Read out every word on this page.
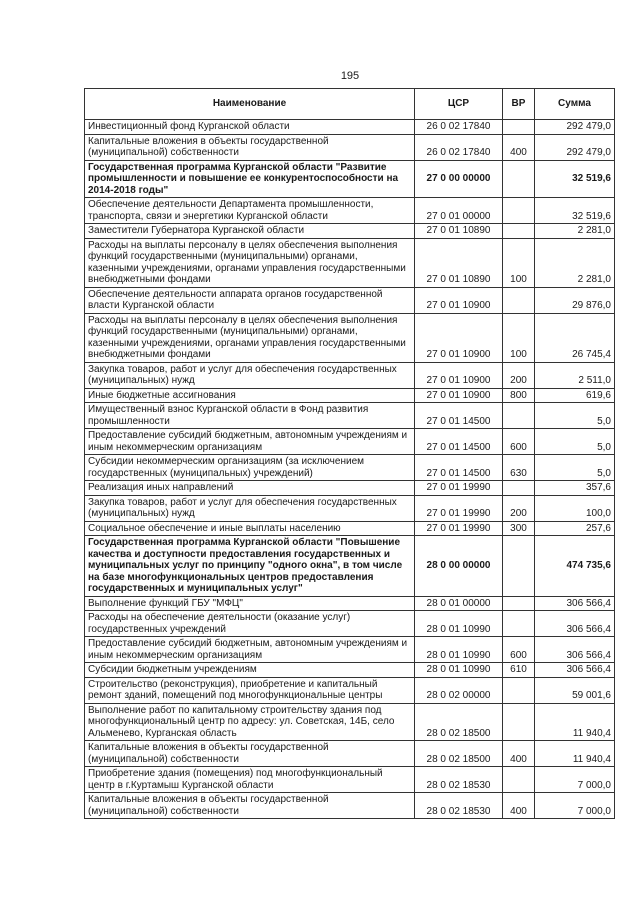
195
Наименование	ЦСР	ВР	Сумма
Инвестиционный фонд Курганской области	26 0 02 17840		292 479,0
Капитальные вложения в объекты государственной (муниципальной) собственности	26 0 02 17840	400	292 479,0
Государственная программа Курганской области "Развитие промышленности и повышение ее конкурентоспособности на 2014-2018 годы"	27 0 00 00000		32 519,6
Обеспечение деятельности Департамента промышленности, транспорта, связи и энергетики Курганской области	27 0 01 00000		32 519,6
Заместители Губернатора Курганской области	27 0 01 10890		2 281,0
Расходы на выплаты персоналу в целях обеспечения выполнения функций государственными (муниципальными) органами, казенными учреждениями, органами управления государственными внебюджетными фондами	27 0 01 10890	100	2 281,0
Обеспечение деятельности аппарата органов государственной власти Курганской области	27 0 01 10900		29 876,0
Расходы на выплаты персоналу в целях обеспечения выполнения функций государственными (муниципальными) органами, казенными учреждениями, органами управления государственными внебюджетными фондами	27 0 01 10900	100	26 745,4
Закупка товаров, работ и услуг для обеспечения государственных (муниципальных) нужд	27 0 01 10900	200	2 511,0
Иные бюджетные ассигнования	27 0 01 10900	800	619,6
Имущественный взнос Курганской области в Фонд развития промышленности	27 0 01 14500		5,0
Предоставление субсидий бюджетным, автономным учреждениям и иным некоммерческим организациям	27 0 01 14500	600	5,0
Субсидии некоммерческим организациям (за исключением государственных (муниципальных) учреждений)	27 0 01 14500	630	5,0
Реализация иных направлений	27 0 01 19990		357,6
Закупка товаров, работ и услуг для обеспечения государственных (муниципальных) нужд	27 0 01 19990	200	100,0
Социальное обеспечение и иные выплаты населению	27 0 01 19990	300	257,6
Государственная программа Курганской области "Повышение качества и доступности предоставления государственных и муниципальных услуг по принципу "одного окна", в том числе на базе многофункциональных центров предоставления государственных и муниципальных услуг"	28 0 00 00000		474 735,6
Выполнение функций ГБУ "МФЦ"	28 0 01 00000		306 566,4
Расходы на обеспечение деятельности (оказание услуг) государственных учреждений	28 0 01 10990		306 566,4
Предоставление субсидий бюджетным, автономным учреждениям и иным некоммерческим организациям	28 0 01 10990	600	306 566,4
Субсидии бюджетным учреждениям	28 0 01 10990	610	306 566,4
Строительство (реконструкция), приобретение и капитальный ремонт зданий, помещений под многофункциональные центры	28 0 02 00000		59 001,6
Выполнение работ по капитальному строительству здания под многофункциональный центр по адресу: ул. Советская, 14Б, село Альменево, Курганская область	28 0 02 18500		11 940,4
Капитальные вложения в объекты государственной (муниципальной) собственности	28 0 02 18500	400	11 940,4
Приобретение здания (помещения) под многофункциональный центр в г.Куртамыш Курганской области	28 0 02 18530		7 000,0
Капитальные вложения в объекты государственной (муниципальной) собственности	28 0 02 18530	400	7 000,0
